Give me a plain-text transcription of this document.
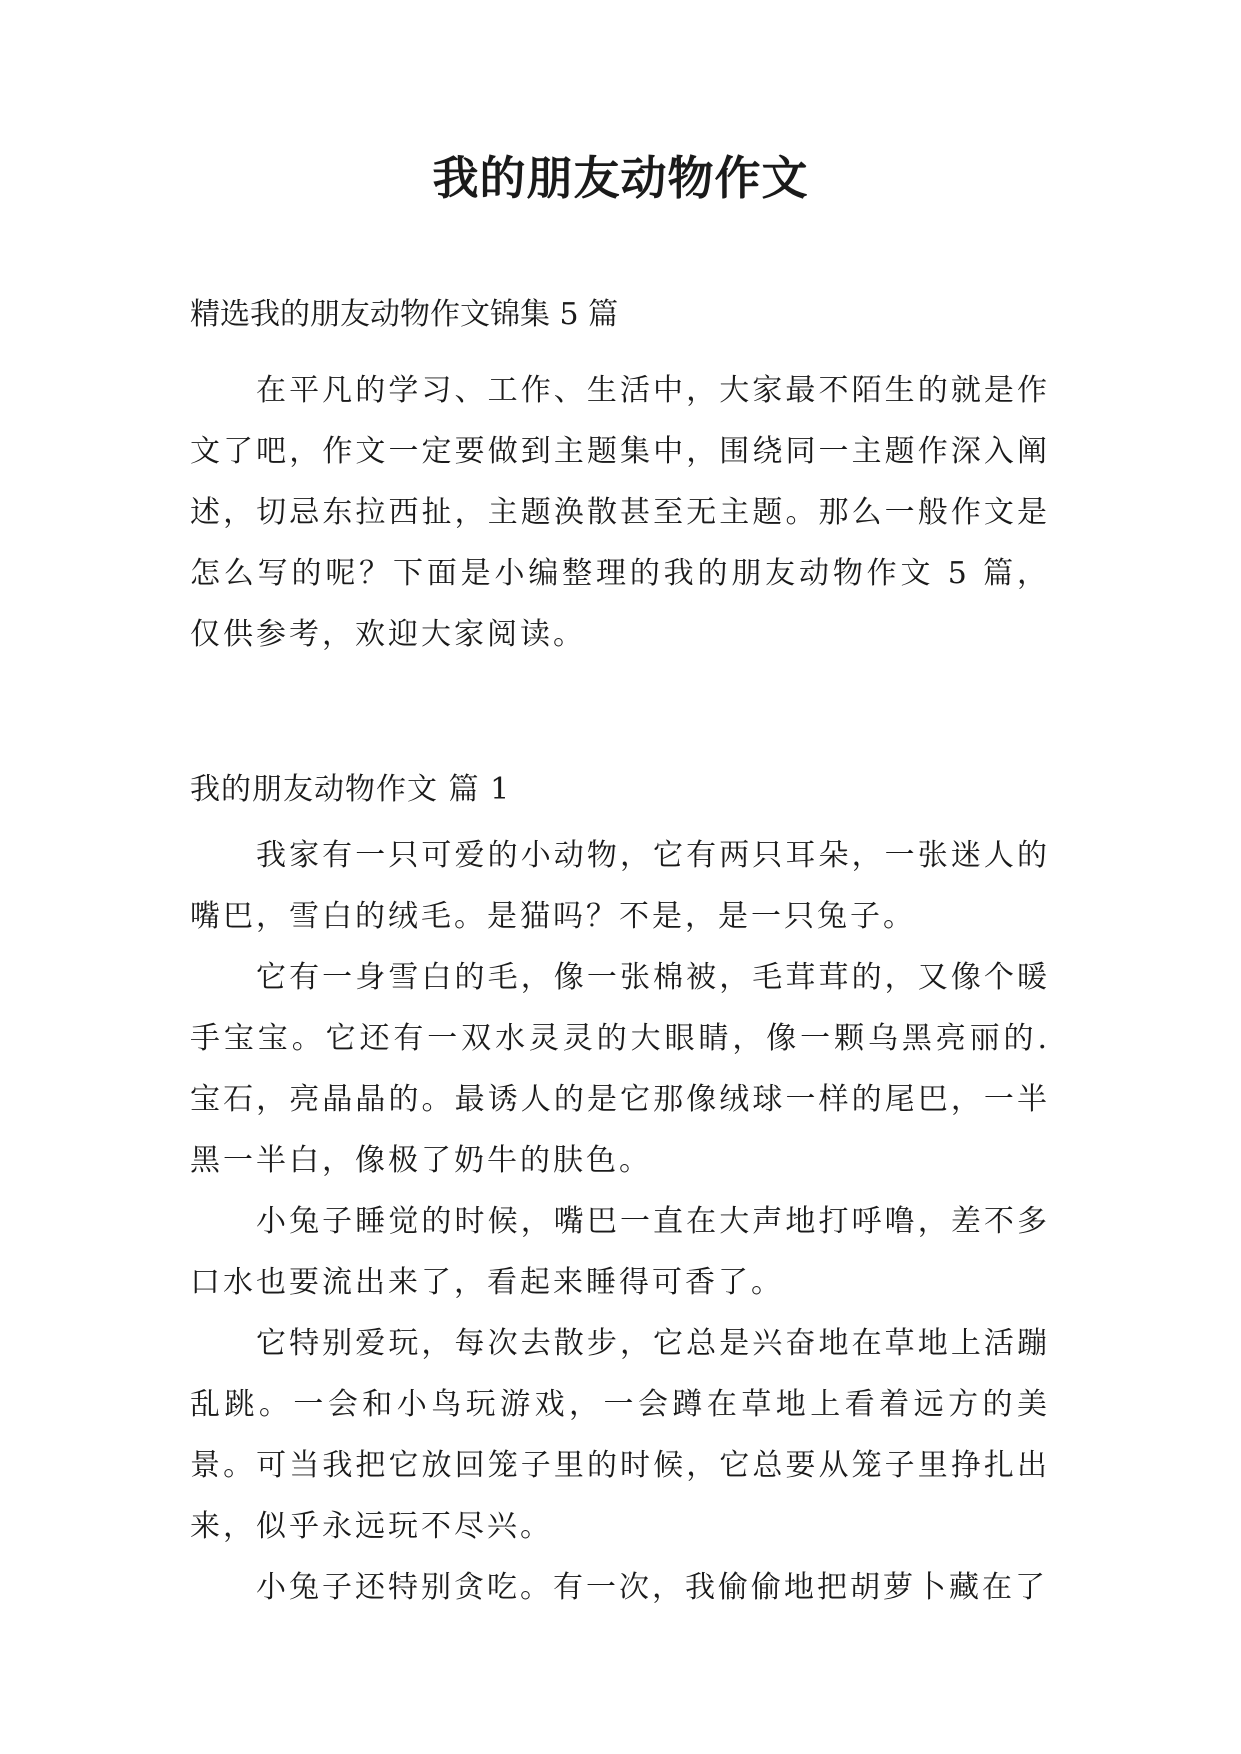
我的朋友动物作文

精选我的朋友动物作文锦集 5 篇

在平凡的学习、工作、生活中，大家最不陌生的就是作文了吧，作文一定要做到主题集中，围绕同一主题作深入阐述，切忌东拉西扯，主题涣散甚至无主题。那么一般作文是怎么写的呢？下面是小编整理的我的朋友动物作文 5 篇，仅供参考，欢迎大家阅读。

我的朋友动物作文 篇 1

我家有一只可爱的小动物，它有两只耳朵，一张迷人的嘴巴，雪白的绒毛。是猫吗？不是，是一只兔子。

它有一身雪白的毛，像一张棉被，毛茸茸的，又像个暖手宝宝。它还有一双水灵灵的大眼睛，像一颗乌黑亮丽的.宝石，亮晶晶的。最诱人的是它那像绒球一样的尾巴，一半黑一半白，像极了奶牛的肤色。

小兔子睡觉的时候，嘴巴一直在大声地打呼噜，差不多口水也要流出来了，看起来睡得可香了。

它特别爱玩，每次去散步，它总是兴奋地在草地上活蹦乱跳。一会和小鸟玩游戏，一会蹲在草地上看着远方的美景。可当我把它放回笼子里的时候，它总要从笼子里挣扎出来，似乎永远玩不尽兴。

小兔子还特别贪吃。有一次，我偷偷地把胡萝卜藏在了
